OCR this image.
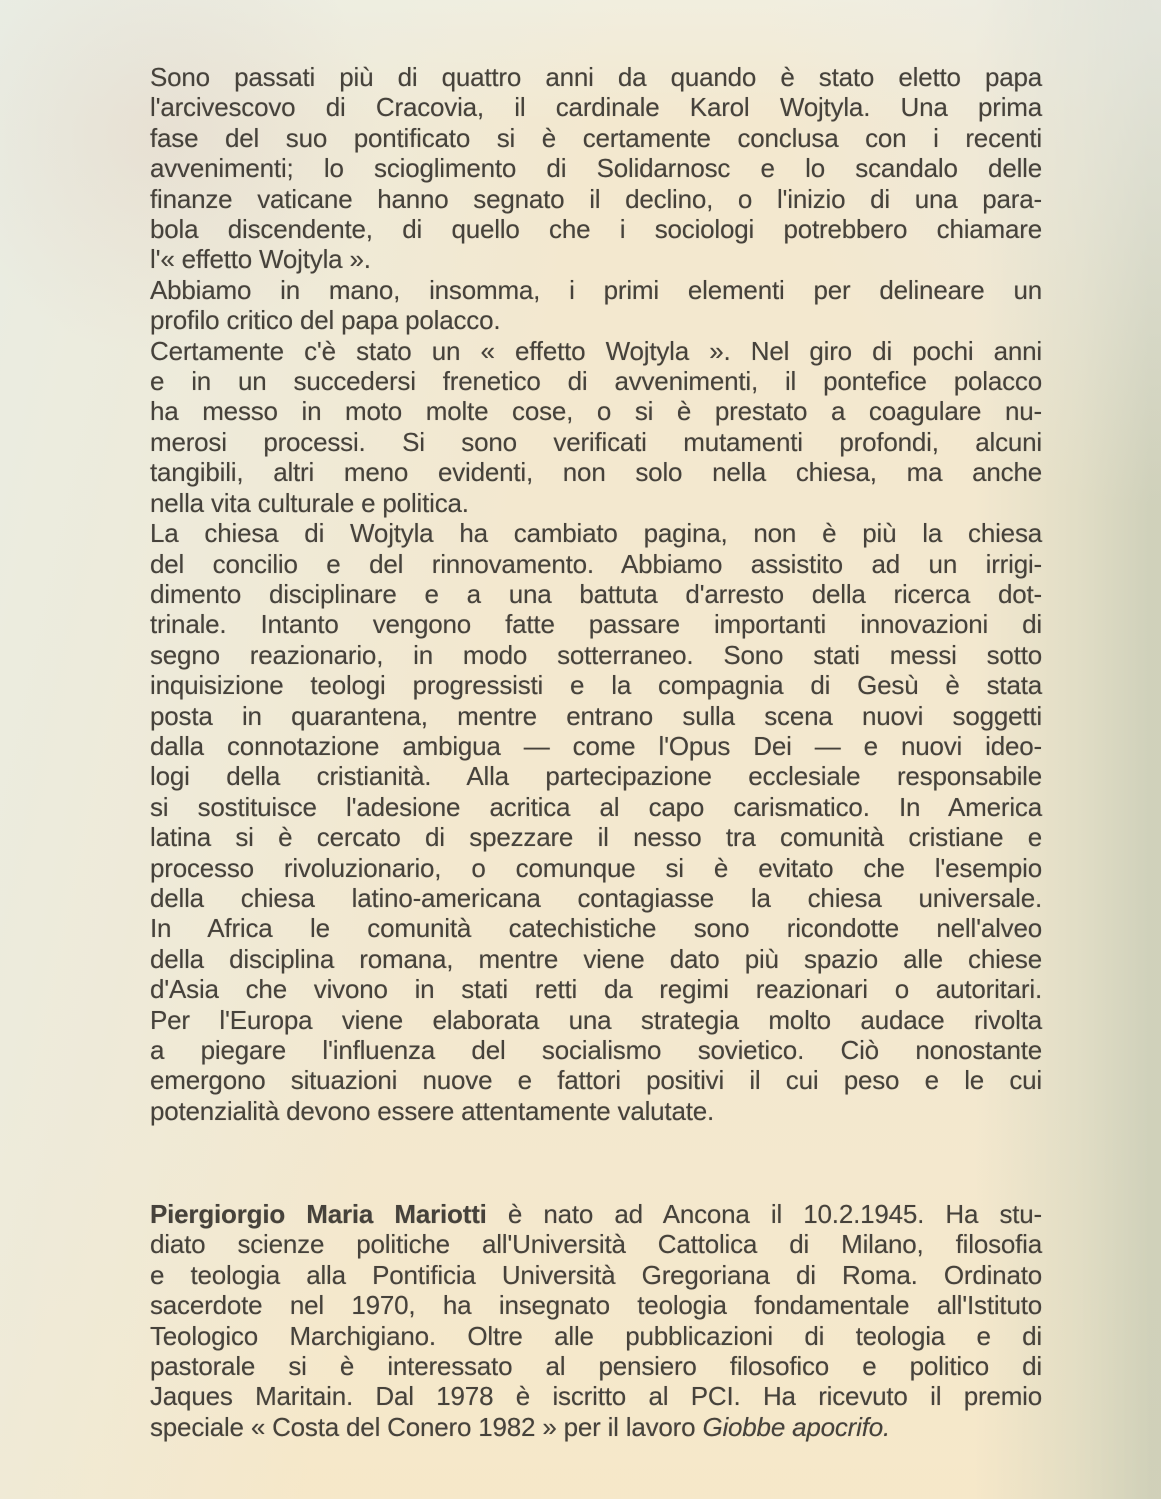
Sono passati più di quattro anni da quando è stato eletto papa
l'arcivescovo di Cracovia, il cardinale Karol Wojtyla. Una prima
fase del suo pontificato si è certamente conclusa con i recenti
avvenimenti; lo scioglimento di Solidarnosc e lo scandalo delle
finanze vaticane hanno segnato il declino, o l'inizio di una para-
bola discendente, di quello che i sociologi potrebbero chiamare
l'« effetto Wojtyla ».
Abbiamo in mano, insomma, i primi elementi per delineare un
profilo critico del papa polacco.
Certamente c'è stato un « effetto Wojtyla ». Nel giro di pochi anni
e in un succedersi frenetico di avvenimenti, il pontefice polacco
ha messo in moto molte cose, o si è prestato a coagulare nu-
merosi processi. Si sono verificati mutamenti profondi, alcuni
tangibili, altri meno evidenti, non solo nella chiesa, ma anche
nella vita culturale e politica.
La chiesa di Wojtyla ha cambiato pagina, non è più la chiesa
del concilio e del rinnovamento. Abbiamo assistito ad un irrigi-
dimento disciplinare e a una battuta d'arresto della ricerca dot-
trinale. Intanto vengono fatte passare importanti innovazioni di
segno reazionario, in modo sotterraneo. Sono stati messi sotto
inquisizione teologi progressisti e la compagnia di Gesù è stata
posta in quarantena, mentre entrano sulla scena nuovi soggetti
dalla connotazione ambigua — come l'Opus Dei — e nuovi ideo-
logi della cristianità. Alla partecipazione ecclesiale responsabile
si sostituisce l'adesione acritica al capo carismatico. In America
latina si è cercato di spezzare il nesso tra comunità cristiane e
processo rivoluzionario, o comunque si è evitato che l'esempio
della chiesa latino-americana contagiasse la chiesa universale.
In Africa le comunità catechistiche sono ricondotte nell'alveo
della disciplina romana, mentre viene dato più spazio alle chiese
d'Asia che vivono in stati retti da regimi reazionari o autoritari.
Per l'Europa viene elaborata una strategia molto audace rivolta
a piegare l'influenza del socialismo sovietico. Ciò nonostante
emergono situazioni nuove e fattori positivi il cui peso e le cui
potenzialità devono essere attentamente valutate.
Piergiorgio Maria Mariotti è nato ad Ancona il 10.2.1945. Ha stu-
diato scienze politiche all'Università Cattolica di Milano, filosofia
e teologia alla Pontificia Università Gregoriana di Roma. Ordinato
sacerdote nel 1970, ha insegnato teologia fondamentale all'Istituto
Teologico Marchigiano. Oltre alle pubblicazioni di teologia e di
pastorale si è interessato al pensiero filosofico e politico di
Jaques Maritain. Dal 1978 è iscritto al PCI. Ha ricevuto il premio
speciale « Costa del Conero 1982 » per il lavoro Giobbe apocrifo.
